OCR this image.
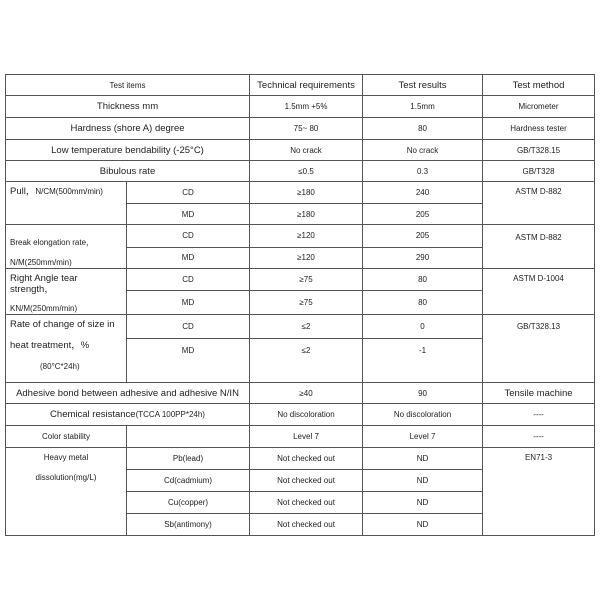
Test items		Technical requirements	Test results	Test method
Thickness mm		1.5mm +5%	1.5mm	Micrometer
Hardness (shore A) degree		75~ 80	80	Hardness tester
Low temperature bendability (-25°C)		No crack	No crack	GB/T328.15
Bibulous rate		≤0.5	0.3	GB/T328
Pull，N/CM(500mm/min)	CD	≥180	240	ASTM D-882
	MD	≥180	205	

Break elongation rate，
N/M(250mm/min)	CD	≥120	205	ASTM D-882
	MD	≥120	290	

Right Angle tear strength，
KN/M(250mm/min)	CD	≥75	80	ASTM D-1004
	MD	≥75	80	

Rate of change of size in
heat treatment，%
(80°C*24h)	CD	≤2	0	GB/T328.13
	MD	≤2	-1	
Adhesive bond between adhesive and adhesive N/IN		≥40	90	Tensile machine
Chemical resistance(TCCA 100PP*24h)		No discoloration	No discoloration	----
Color stability		Level 7	Level 7	----

Heavy metal
dissolution(mg/L)	Pb(lead)	Not checked out	ND	EN71-3
	Cd(cadmium)	Not checked out	ND	
	Cu(copper)	Not checked out	ND	
	Sb(antimony)	Not checked out	ND	
